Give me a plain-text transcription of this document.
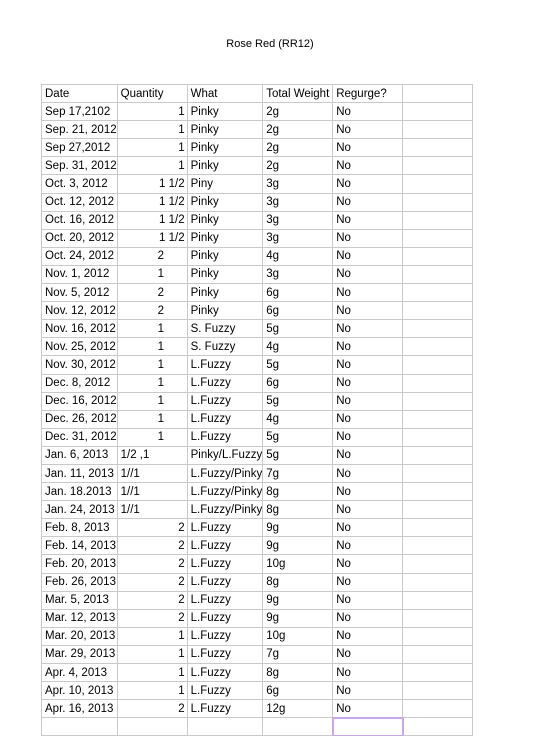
Rose Red (RR12)
Date	Quantity	What	Total Weight	Regurge?	
Sep 17,2102	1	Pinky	2g	No	
Sep. 21, 2012	1	Pinky	2g	No	
Sep 27,2012	1	Pinky	2g	No	
Sep. 31, 2012	1	Pinky	2g	No	
Oct. 3, 2012	1 1/2	Piny	3g	No	
Oct. 12, 2012	1 1/2	Pinky	3g	No	
Oct. 16, 2012	1 1/2	Pinky	3g	No	
Oct. 20, 2012	1 1/2	Pinky	3g	No	
Oct. 24, 2012	2	Pinky	4g	No	
Nov. 1, 2012	1	Pinky	3g	No	
Nov. 5, 2012	2	Pinky	6g	No	
Nov. 12, 2012	2	Pinky	6g	No	
Nov. 16, 2012	1	S. Fuzzy	5g	No	
Nov. 25, 2012	1	S. Fuzzy	4g	No	
Nov. 30, 2012	1	L.Fuzzy	5g	No	
Dec. 8, 2012	1	L.Fuzzy	6g	No	
Dec. 16, 2012	1	L.Fuzzy	5g	No	
Dec. 26, 2012	1	L.Fuzzy	4g	No	
Dec. 31, 2012	1	L.Fuzzy	5g	No	
Jan. 6, 2013	1/2 ,1	Pinky/L.Fuzzy	5g	No	
Jan. 11, 2013	1//1	L.Fuzzy/Pinky	7g	No	
Jan. 18.2013	1//1	L.Fuzzy/Pinky	8g	No	
Jan. 24, 2013	1//1	L.Fuzzy/Pinky	8g	No	
Feb. 8, 2013	2	L.Fuzzy	9g	No	
Feb. 14, 2013	2	L.Fuzzy	9g	No	
Feb. 20, 2013	2	L.Fuzzy	10g	No	
Feb. 26, 2013	2	L.Fuzzy	8g	No	
Mar. 5, 2013	2	L.Fuzzy	9g	No	
Mar. 12, 2013	2	L.Fuzzy	9g	No	
Mar. 20, 2013	1	L.Fuzzy	10g	No	
Mar. 29, 2013	1	L.Fuzzy	7g	No	
Apr. 4, 2013	1	L.Fuzzy	8g	No	
Apr. 10, 2013	1	L.Fuzzy	6g	No	
Apr. 16, 2013	2	L.Fuzzy	12g	No	
